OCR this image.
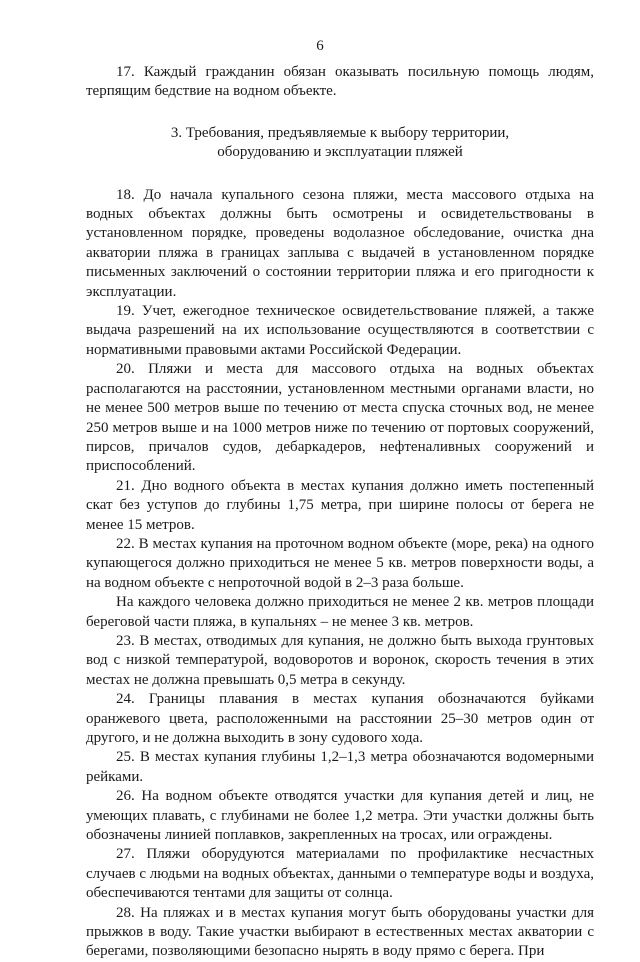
6

17. Каждый гражданин обязан оказывать посильную помощь людям, терпящим бедствие на водном объекте.

3. Требования, предъявляемые к выбору территории,
оборудованию и эксплуатации пляжей

18. До начала купального сезона пляжи, места массового отдыха на водных объектах должны быть осмотрены и освидетельствованы в установленном порядке, проведены водолазное обследование, очистка дна акватории пляжа в границах заплыва с выдачей в установленном порядке письменных заключений о состоянии территории пляжа и его пригодности к эксплуатации.

19. Учет, ежегодное техническое освидетельствование пляжей, а также выдача разрешений на их использование осуществляются в соответствии с нормативными правовыми актами Российской Федерации.

20. Пляжи и места для массового отдыха на водных объектах располагаются на расстоянии, установленном местными органами власти, но не менее 500 метров выше по течению от места спуска сточных вод, не менее 250 метров выше и на 1000 метров ниже по течению от портовых сооружений, пирсов, причалов судов, дебаркадеров, нефтеналивных сооружений и приспособлений.

21. Дно водного объекта в местах купания должно иметь постепенный скат без уступов до глубины 1,75 метра, при ширине полосы от берега не менее 15 метров.

22. В местах купания на проточном водном объекте (море, река) на одного купающегося должно приходиться не менее 5 кв. метров поверхности воды, а на водном объекте с непроточной водой в 2–3 раза больше.

На каждого человека должно приходиться не менее 2 кв. метров площади береговой части пляжа, в купальнях – не менее 3 кв. метров.

23. В местах, отводимых для купания, не должно быть выхода грунтовых вод с низкой температурой, водоворотов и воронок, скорость течения в этих местах не должна превышать 0,5 метра в секунду.

24. Границы плавания в местах купания обозначаются буйками оранжевого цвета, расположенными на расстоянии 25–30 метров один от другого, и не должна выходить в зону судового хода.

25. В местах купания глубины 1,2–1,3 метра обозначаются водомерными рейками.

26. На водном объекте отводятся участки для купания детей и лиц, не умеющих плавать, с глубинами не более 1,2 метра. Эти участки должны быть обозначены линией поплавков, закрепленных на тросах, или ограждены.

27. Пляжи оборудуются материалами по профилактике несчастных случаев с людьми на водных объектах, данными о температуре воды и воздуха, обеспечиваются тентами для защиты от солнца.

28. На пляжах и в местах купания могут быть оборудованы участки для прыжков в воду. Такие участки выбирают в естественных местах акватории с берегами, позволяющими безопасно нырять в воду прямо с берега. При
